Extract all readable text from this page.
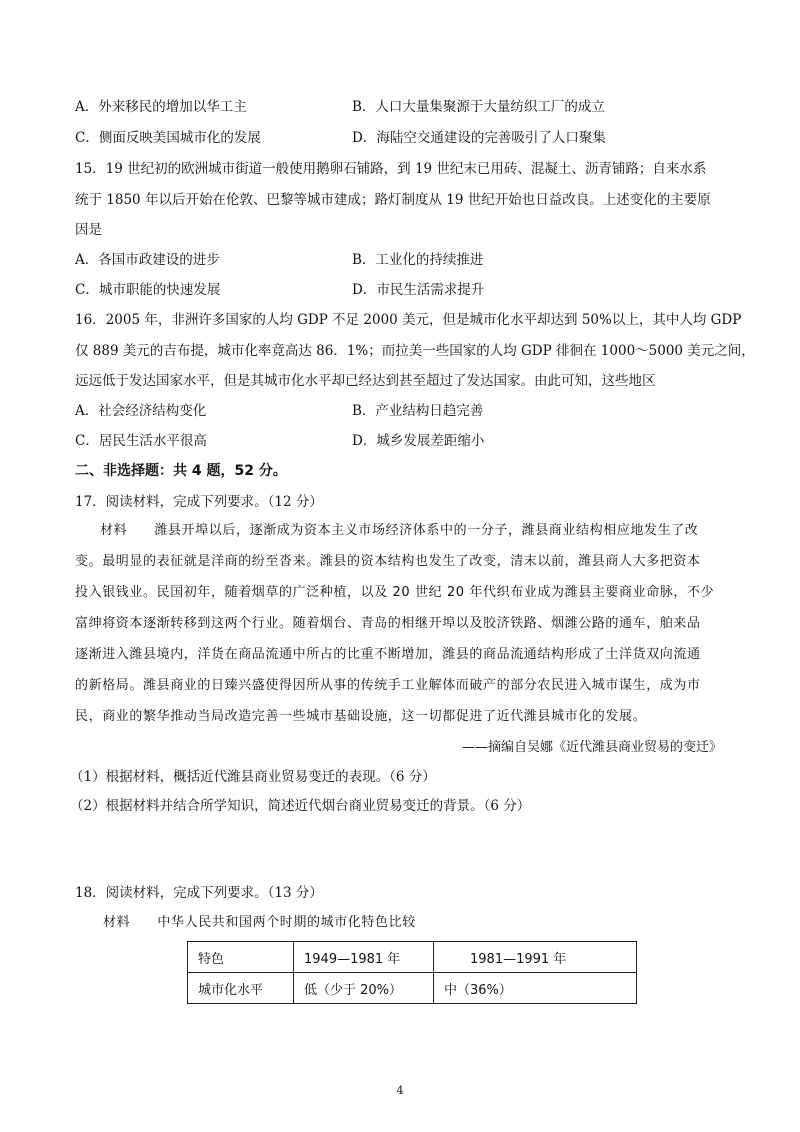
A．外来移民的增加以华工主	B．人口大量集聚源于大量纺织工厂的成立
C．侧面反映美国城市化的发展	D．海陆空交通建设的完善吸引了人口聚集
15．19 世纪初的欧洲城市街道一般使用鹅卵石铺路，到 19 世纪末已用砖、混凝土、沥青铺路；自来水系
统于 1850 年以后开始在伦敦、巴黎等城市建成；路灯制度从 19 世纪开始也日益改良。上述变化的主要原
因是
A．各国市政建设的进步	B．工业化的持续推进
C．城市职能的快速发展	D．市民生活需求提升
16．2005 年，非洲许多国家的人均 GDP 不足 2000 美元，但是城市化水平却达到 50%以上，其中人均 GDP
仅 889 美元的吉布提，城市化率竟高达 86．1%；而拉美一些国家的人均 GDP 徘徊在 1000～5000 美元之间，
远远低于发达国家水平，但是其城市化水平却已经达到甚至超过了发达国家。由此可知，这些地区
A．社会经济结构变化	B．产业结构日趋完善
C．居民生活水平很高	D．城乡发展差距缩小
二、非选择题：共 4 题，52 分。
17．阅读材料，完成下列要求。（12 分）
材料　　潍县开埠以后，逐渐成为资本主义市场经济体系中的一分子，潍县商业结构相应地发生了改
变。最明显的表征就是洋商的纷至沓来。潍县的资本结构也发生了改变，清末以前，潍县商人大多把资本
投入银钱业。民国初年，随着烟草的广泛种植，以及 20 世纪 20 年代织布业成为潍县主要商业命脉，不少
富绅将资本逐渐转移到这两个行业。随着烟台、青岛的相继开埠以及胶济铁路、烟潍公路的通车，舶来品
逐渐进入潍县境内，洋货在商品流通中所占的比重不断增加，潍县的商品流通结构形成了土洋货双向流通
的新格局。潍县商业的日臻兴盛使得因所从事的传统手工业解体而破产的部分农民进入城市谋生，成为市
民，商业的繁华推动当局改造完善一些城市基础设施，这一切都促进了近代潍县城市化的发展。
——摘编自吴娜《近代潍县商业贸易的变迁》
（1）根据材料，概括近代潍县商业贸易变迁的表现。（6 分）
（2）根据材料并结合所学知识，简述近代烟台商业贸易变迁的背景。（6 分）
18．阅读材料，完成下列要求。（13 分）
材料　　中华人民共和国两个时期的城市化特色比较
特色	1949—1981 年	1981—1991 年
城市化水平	低（少于 20%）	中（36%）
4
